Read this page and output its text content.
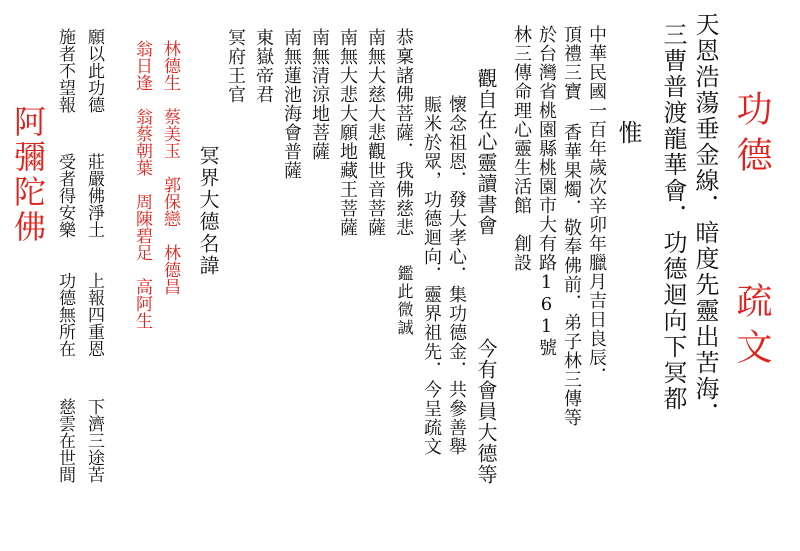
功德
疏文
天恩浩蕩垂金線．暗度先靈出苦海．
三曹普渡龍華會．功德迴向下冥都
惟
中華民國一百年歲次辛卯年臘月吉日良辰．
頂禮三寶 香華果燭．敬奉佛前．弟子林三傳等
於台灣省桃園縣桃園市大有路161號
林三傳命理心靈生活館　創設
今有會員大德等
觀自在心靈讀書會
懷念祖恩．發大孝心．集功德金．共參善舉
賑米於眾，功德迴向．靈界祖先．今呈疏文
鑑此微誠
恭稟諸佛菩薩．我佛慈悲
南無大慈大悲觀世音菩薩
南無大悲大願地藏王菩薩
南無清涼地菩薩
南無蓮池海會普薩
東嶽帝君
冥府王官
冥界大德名諱
林德生　蔡美玉　郭保戀　林德昌
翁日逢　翁蔡朝葉　周陳碧足　高阿生
願以此功德
莊嚴佛淨土
上報四重恩
下濟三途苦
施者不望報
受者得安樂
功德無所在
慈雲在世間
阿彌陀佛
